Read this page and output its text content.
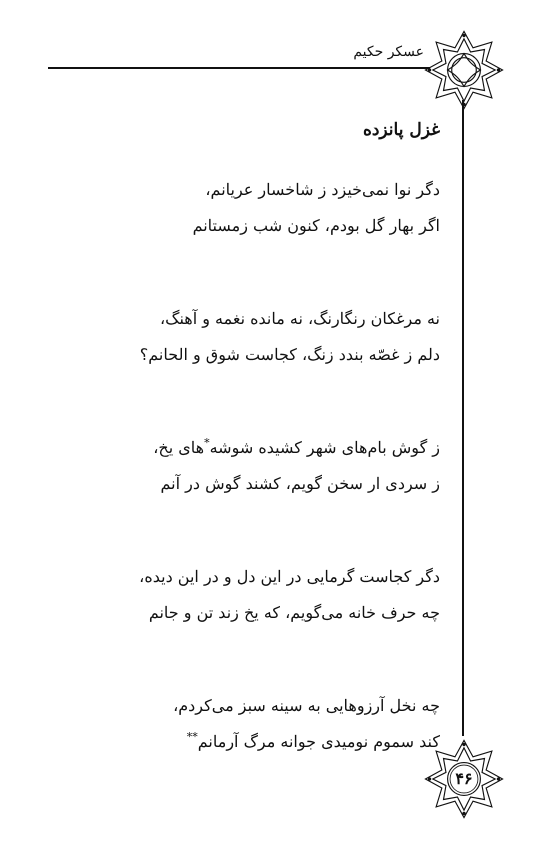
عسکر حکیم
۴۶
غزل پانزده
دگر نوا نمی‌خیزد ز شاخسار عریانم،
اگر بهار گل بودم، کنون شب زمستانم
نه مرغکان رنگارنگ، نه مانده نغمه و آهنگ،
دلم ز غصّه بندد زنگ، کجاست شوق و الحانم؟
ز گوش بام‌های شهر کشیده شوشه*های یخ،
ز سردی ار سخن گویم، کشند گوش در آنم
دگر کجاست گرمایی در این دل و در این دیده،
چه حرف خانه می‌گویم، که یخ زند تن و جانم
چه نخل آرزوهایی به سینه سبز می‌کردم،
کند سموم نومیدی جوانه مرگ آرمانم**
